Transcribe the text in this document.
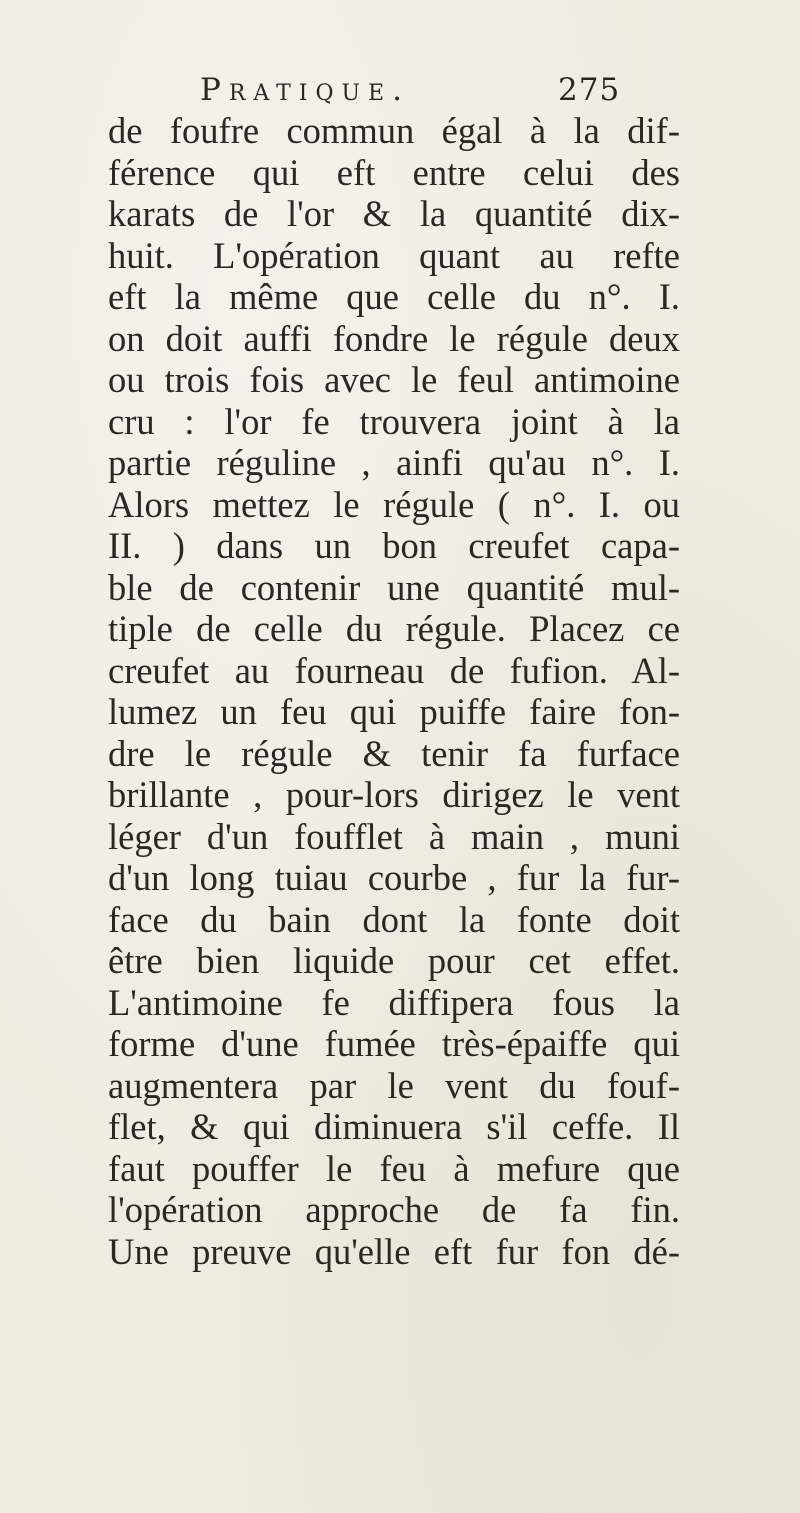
Pratique.	275
de foufre commun égal à la dif-
férence qui eft entre celui des
karats de l'or & la quantité dix-
huit. L'opération quant au refte
eft la même que celle du n°. I.
on doit auffi fondre le régule deux
ou trois fois avec le feul antimoine
cru : l'or fe trouvera joint à la
partie réguline , ainfi qu'au n°. I.
Alors mettez le régule ( n°. I. ou
II. ) dans un bon creufet capa-
ble de contenir une quantité mul-
tiple de celle du régule. Placez ce
creufet au fourneau de fufion. Al-
lumez un feu qui puiffe faire fon-
dre le régule & tenir fa furface
brillante , pour-lors dirigez le vent
léger d'un foufflet à main , muni
d'un long tuiau courbe , fur la fur-
face du bain dont la fonte doit
être bien liquide pour cet effet.
L'antimoine fe diffipera fous la
forme d'une fumée très-épaiffe qui
augmentera par le vent du fouf-
flet, & qui diminuera s'il ceffe. Il
faut pouffer le feu à mefure que
l'opération approche de fa fin.
Une preuve qu'elle eft fur fon dé-
